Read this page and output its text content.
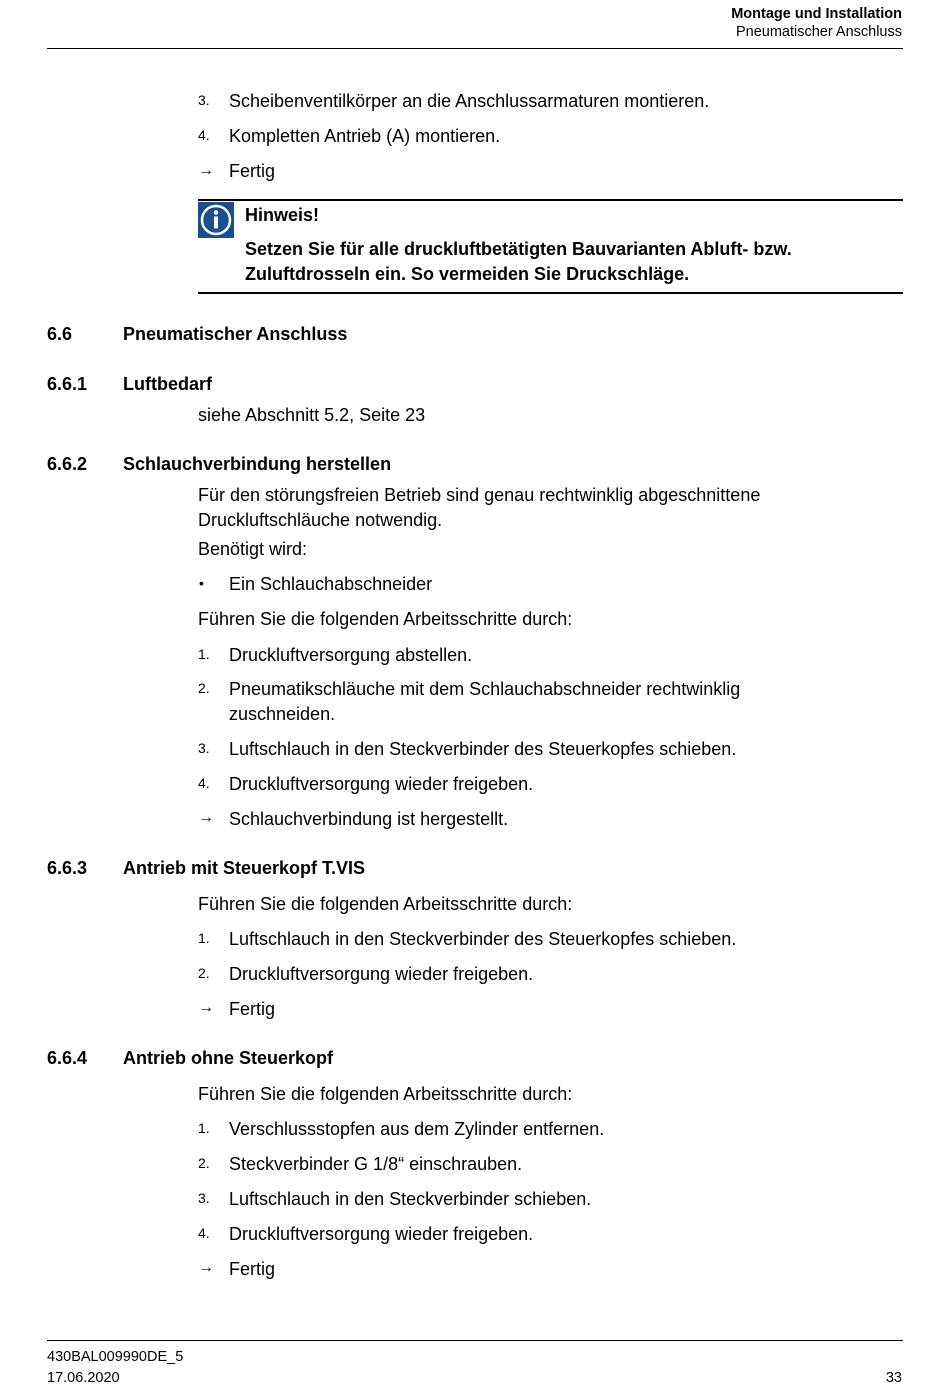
Montage und Installation
Pneumatischer Anschluss
3. Scheibenventilkörper an die Anschlussarmaturen montieren.
4. Kompletten Antrieb (A) montieren.
→ Fertig
Hinweis!
Setzen Sie für alle druckluftbetätigten Bauvarianten Abluft- bzw.
Zuluftdrosseln ein. So vermeiden Sie Druckschläge.
6.6	Pneumatischer Anschluss
6.6.1 Luftbedarf
siehe Abschnitt 5.2, Seite 23
6.6.2 Schlauchverbindung herstellen
Für den störungsfreien Betrieb sind genau rechtwinklig abgeschnittene
Druckluftschläuche notwendig.
Benötigt wird:
• Ein Schlauchabschneider
Führen Sie die folgenden Arbeitsschritte durch:
1. Druckluftversorgung abstellen.
2. Pneumatikschläuche mit dem Schlauchabschneider rechtwinklig
zuschneiden.
3. Luftschlauch in den Steckverbinder des Steuerkopfes schieben.
4. Druckluftversorgung wieder freigeben.
→ Schlauchverbindung ist hergestellt.
6.6.3 Antrieb mit Steuerkopf T.VIS
Führen Sie die folgenden Arbeitsschritte durch:
1. Luftschlauch in den Steckverbinder des Steuerkopfes schieben.
2. Druckluftversorgung wieder freigeben.
→ Fertig
6.6.4 Antrieb ohne Steuerkopf
Führen Sie die folgenden Arbeitsschritte durch:
1. Verschlussstopfen aus dem Zylinder entfernen.
2. Steckverbinder G 1/8“ einschrauben.
3. Luftschlauch in den Steckverbinder schieben.
4. Druckluftversorgung wieder freigeben.
→ Fertig
430BAL009990DE_5
17.06.2020	33
